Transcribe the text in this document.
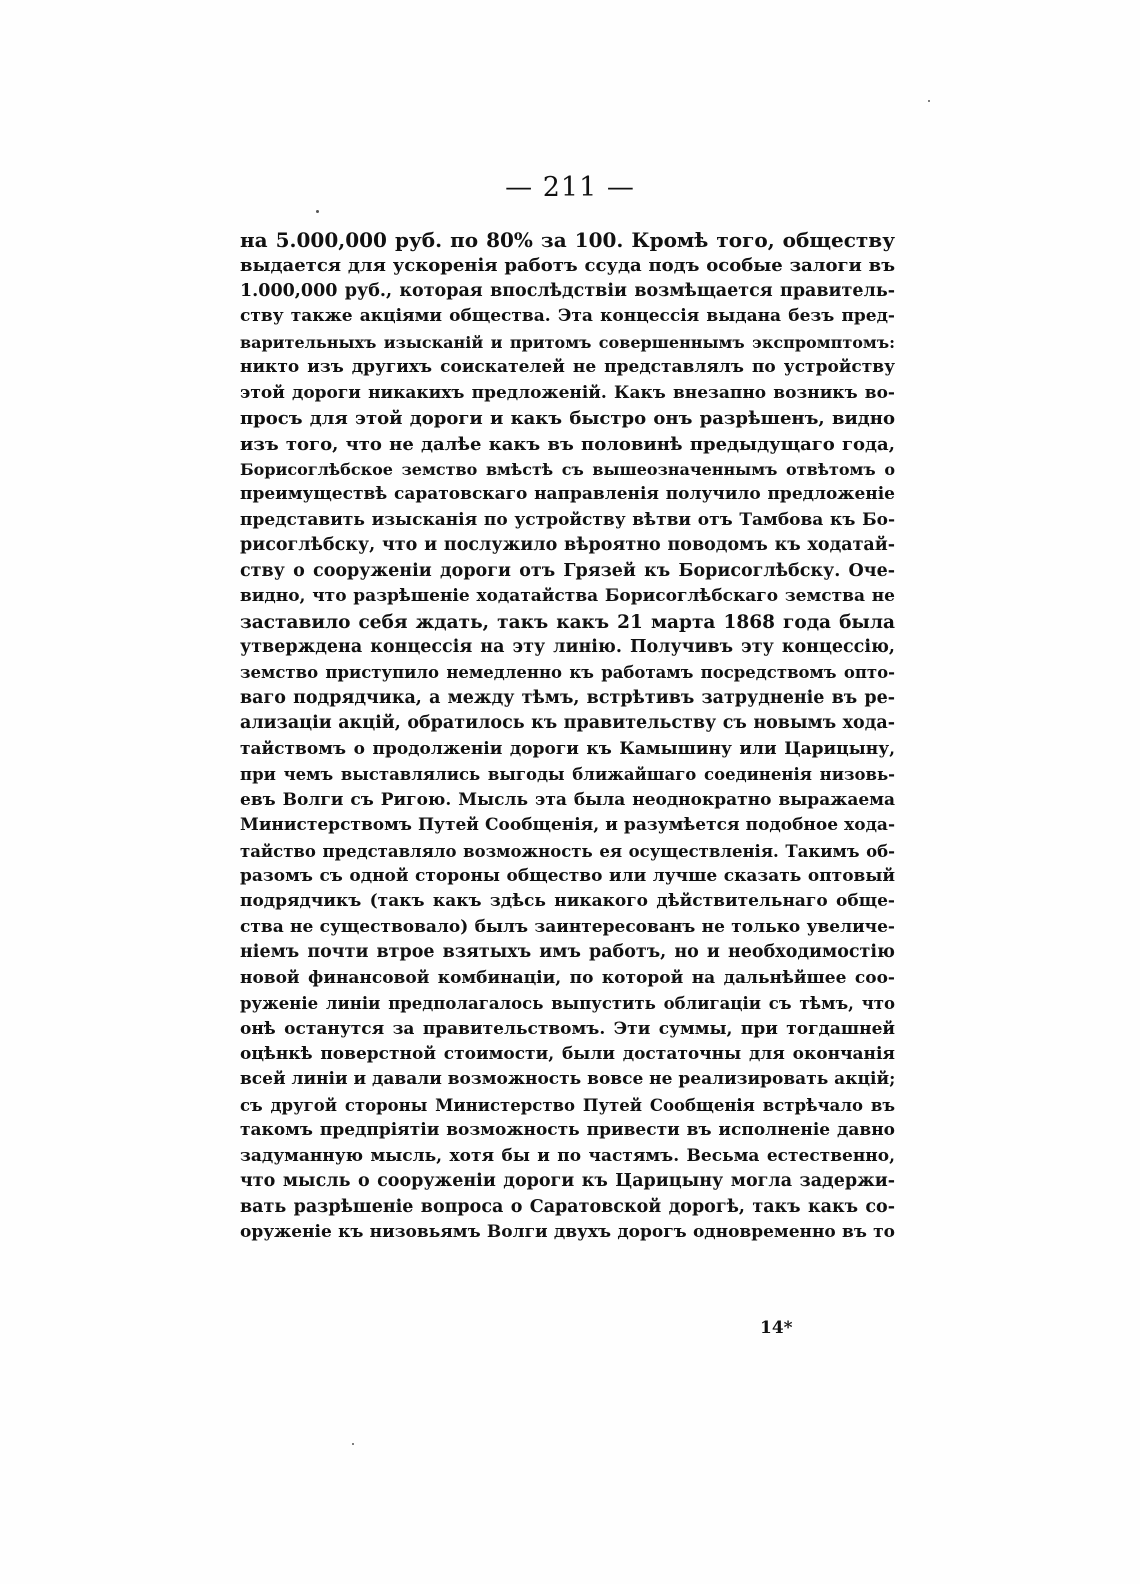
— 211 —
на 5.000,000 руб. по 80% за 100. Кромѣ того, обществу
выдается для ускоренія работъ ссуда подъ особые залоги въ
1.000,000 руб., которая впослѣдствіи возмѣщается правитель-
ству также акціями общества. Эта концессія выдана безъ пред-
варительныхъ изысканій и притомъ совершеннымъ экспромптомъ:
никто изъ другихъ соискателей не представлялъ по устройству
этой дороги никакихъ предложеній. Какъ внезапно возникъ во-
просъ для этой дороги и какъ быстро онъ разрѣшенъ, видно
изъ того, что не далѣе какъ въ половинѣ предыдущаго года,
Борисоглѣбское земство вмѣстѣ съ вышеозначеннымъ отвѣтомъ о
преимуществѣ саратовскаго направленія получило предложеніе
представить изысканія по устройству вѣтви отъ Тамбова къ Бо-
рисоглѣбску, что и послужило вѣроятно поводомъ къ ходатай-
ству о сооруженіи дороги отъ Грязей къ Борисоглѣбску. Оче-
видно, что разрѣшеніе ходатайства Борисоглѣбскаго земства не
заставило себя ждать, такъ какъ 21 марта 1868 года была
утверждена концессія на эту линію. Получивъ эту концессію,
земство приступило немедленно къ работамъ посредствомъ опто-
ваго подрядчика, а между тѣмъ, встрѣтивъ затрудненіе въ ре-
ализаціи акцій, обратилось къ правительству съ новымъ хода-
тайствомъ о продолженіи дороги къ Камышину или Царицыну,
при чемъ выставлялись выгоды ближайшаго соединенія низовь-
евъ Волги съ Ригою. Мысль эта была неоднократно выражаема
Министерствомъ Путей Сообщенія, и разумѣется подобное хода-
тайство представляло возможность ея осуществленія. Такимъ об-
разомъ съ одной стороны общество или лучше сказать оптовый
подрядчикъ (такъ какъ здѣсь никакого дѣйствительнаго обще-
ства не существовало) былъ заинтересованъ не только увеличе-
ніемъ почти втрое взятыхъ имъ работъ, но и необходимостію
новой финансовой комбинаціи, по которой на дальнѣйшее соо-
руженіе линіи предполагалось выпустить облигаціи съ тѣмъ, что
онѣ останутся за правительствомъ. Эти суммы, при тогдашней
оцѣнкѣ поверстной стоимости, были достаточны для окончанія
всей линіи и давали возможность вовсе не реализировать акцій;
съ другой стороны Министерство Путей Сообщенія встрѣчало въ
такомъ предпріятіи возможность привести въ исполненіе давно
задуманную мысль, хотя бы и по частямъ. Весьма естественно,
что мысль о сооруженіи дороги къ Царицыну могла задержи-
вать разрѣшеніе вопроса о Саратовской дорогѣ, такъ какъ со-
оруженіе къ низовьямъ Волги двухъ дорогъ одновременно въ то
14*
